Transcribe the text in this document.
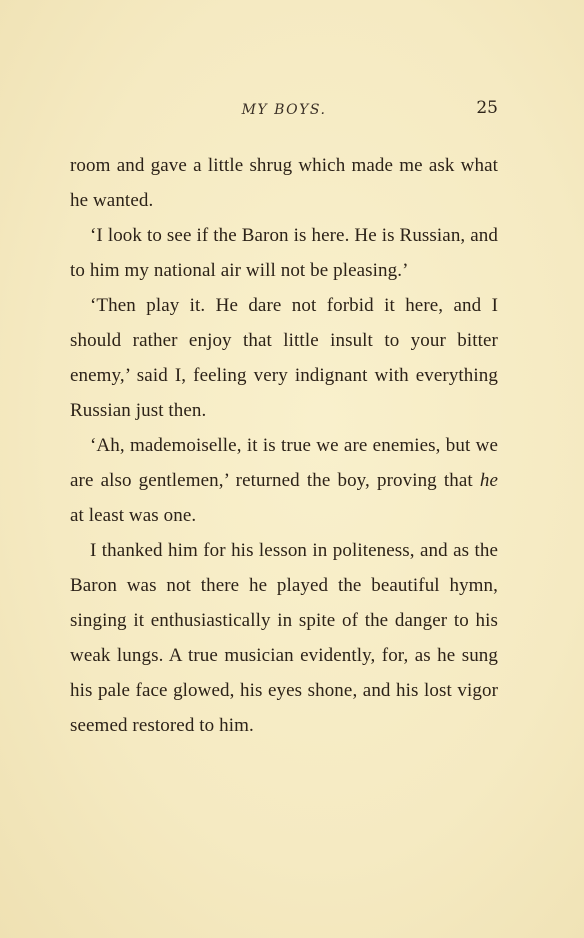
MY BOYS.	25

room and gave a little shrug which made me ask what he wanted.

‘I look to see if the Baron is here. He is Russian, and to him my national air will not be pleasing.’

‘Then play it. He dare not forbid it here, and I should rather enjoy that little insult to your bitter enemy,’ said I, feeling very indignant with everything Russian just then.

‘Ah, mademoiselle, it is true we are enemies, but we are also gentlemen,’ returned the boy, proving that he at least was one.

I thanked him for his lesson in politeness, and as the Baron was not there he played the beautiful hymn, singing it enthusiastically in spite of the danger to his weak lungs. A true musician evidently, for, as he sung his pale face glowed, his eyes shone, and his lost vigor seemed restored to him.
